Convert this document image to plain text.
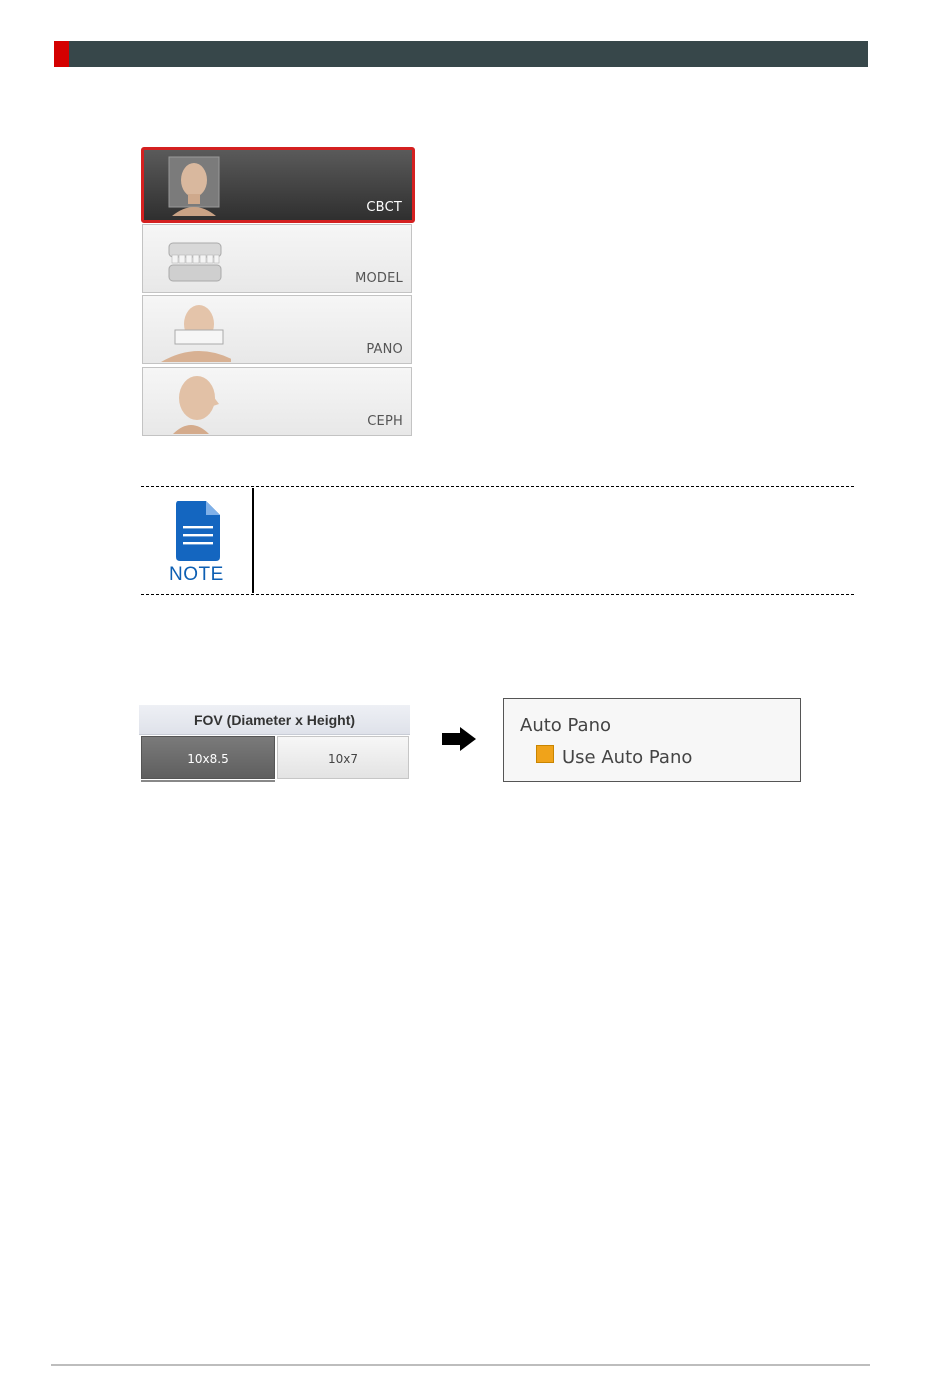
CBCT
MODEL
PANO
CEPH
NOTE
FOV (Diameter x Height)
10x8.5	10x7
Auto Pano
Use Auto Pano
